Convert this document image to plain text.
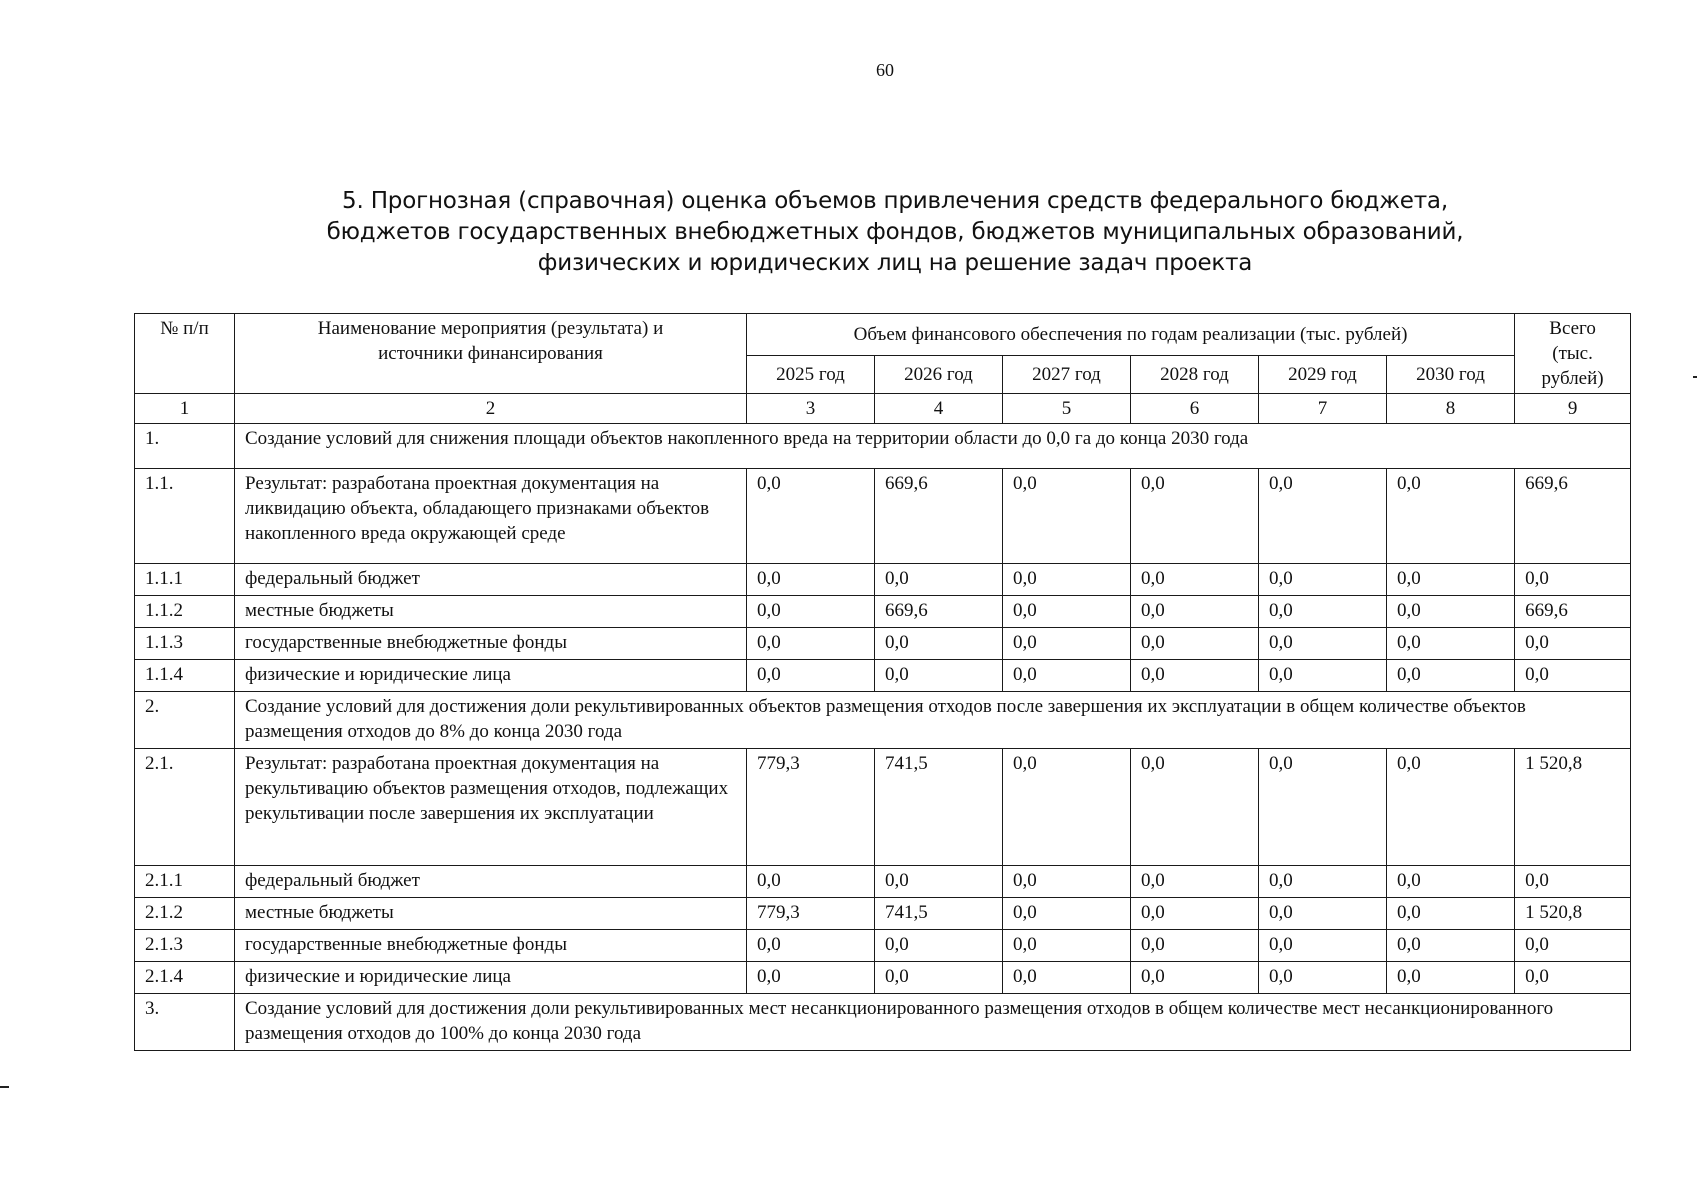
60
5. Прогнозная (справочная) оценка объемов привлечения средств федерального бюджета,
бюджетов государственных внебюджетных фондов, бюджетов муниципальных образований,
физических и юридических лиц на решение задач проекта
№ п/п	Наименование мероприятия (результата) и источники финансирования	Объем финансового обеспечения по годам реализации (тыс. рублей)						Всего (тыс. рублей)
		2025 год	2026 год	2027 год	2028 год	2029 год	2030 год	
1	2	3	4	5	6	7	8	9
1.	Создание условий для снижения площади объектов накопленного вреда на территории области до 0,0 га до конца 2030 года							
1.1.	Результат: разработана проектная документация на ликвидацию объекта, обладающего признаками объектов накопленного вреда окружающей среде	0,0	669,6	0,0	0,0	0,0	0,0	669,6
1.1.1	федеральный бюджет	0,0	0,0	0,0	0,0	0,0	0,0	0,0
1.1.2	местные бюджеты	0,0	669,6	0,0	0,0	0,0	0,0	669,6
1.1.3	государственные внебюджетные фонды	0,0	0,0	0,0	0,0	0,0	0,0	0,0
1.1.4	физические и юридические лица	0,0	0,0	0,0	0,0	0,0	0,0	0,0
2.	Создание условий для достижения доли рекультивированных объектов размещения отходов после завершения их эксплуатации в общем количестве объектов размещения отходов до 8% до конца 2030 года							
2.1.	Результат: разработана проектная документация на рекультивацию объектов размещения отходов, подлежащих рекультивации после завершения их эксплуатации	779,3	741,5	0,0	0,0	0,0	0,0	1 520,8
2.1.1	федеральный бюджет	0,0	0,0	0,0	0,0	0,0	0,0	0,0
2.1.2	местные бюджеты	779,3	741,5	0,0	0,0	0,0	0,0	1 520,8
2.1.3	государственные внебюджетные фонды	0,0	0,0	0,0	0,0	0,0	0,0	0,0
2.1.4	физические и юридические лица	0,0	0,0	0,0	0,0	0,0	0,0	0,0
3.	Создание условий для достижения доли рекультивированных мест несанкционированного размещения отходов в общем количестве мест несанкционированного размещения отходов до 100% до конца 2030 года							
